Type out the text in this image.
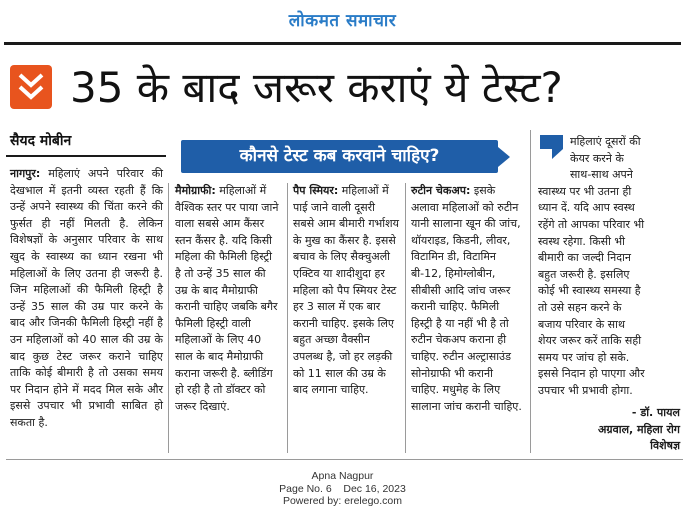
लोकमत समाचार
35 के बाद जरूर कराएं ये टेस्ट?
सैयद मोबीन
कौनसे टेस्ट कब करवाने चाहिए?
नागपुर: महिलाएं अपने परिवार की देखभाल में इतनी व्यस्त रहती हैं कि उन्हें अपने स्वास्थ्य की चिंता करने की फुर्सत ही नहीं मिलती है. लेकिन विशेषज्ञों के अनुसार परिवार के साथ खुद के स्वास्थ्य का ध्यान रखना भी महिलाओं के लिए उतना ही जरूरी है. जिन महिलाओं की फैमिली हिस्ट्री है उन्हें 35 साल की उम्र पार करने के बाद और जिनकी फैमिली हिस्ट्री नहीं है उन महिलाओं को 40 साल की उम्र के बाद कुछ टेस्ट जरूर कराने चाहिए ताकि कोई बीमारी है तो उसका समय पर निदान होने में मदद मिल सके और इससे उपचार भी प्रभावी साबित हो सकता है.
मैमोग्राफी: महिलाओं में वैश्विक स्तर पर पाया जाने वाला सबसे आम कैंसर स्तन कैंसर है. यदि किसी महिला की फैमिली हिस्ट्री है तो उन्हें 35 साल की उम्र के बाद मैमोग्राफी करानी चाहिए जबकि बगैर फैमिली हिस्ट्री वाली महिलाओं के लिए 40 साल के बाद मैमोग्राफी कराना जरूरी है. ब्लीडिंग हो रही है तो डॉक्टर को जरूर दिखाएं.
पैप स्मियर: महिलाओं में पाई जाने वाली दूसरी सबसे आम बीमारी गर्भाशय के मुख का कैंसर है. इससे बचाव के लिए सैक्चुअली एक्टिव या शादीशुदा हर महिला को पैप स्मियर टेस्ट हर 3 साल में एक बार करानी चाहिए. इसके लिए बहुत अच्छा वैक्सीन उपलब्ध है, जो हर लड़की को 11 साल की उम्र के बाद लगाना चाहिए.
रुटीन चेकअप: इसके अलावा महिलाओं को रुटीन यानी सालाना खून की जांच, थॉयराइड, किडनी, लीवर, विटामिन डी, विटामिन बी-12, हिमोग्लोबीन, सीबीसी आदि जांच जरूर करानी चाहिए. फैमिली हिस्ट्री है या नहीं भी है तो रुटीन चेकअप कराना ही चाहिए. रुटीन अल्ट्रासाउंड सोनोग्राफी भी करानी चाहिए. मधुमेह के लिए सालाना जांच करानी चाहिए.
महिलाएं दूसरों की
केयर करने के
साथ-साथ अपने
स्वास्थ्य पर भी उतना ही
ध्यान दें. यदि आप स्वस्थ
रहेंगे तो आपका परिवार भी
स्वस्थ रहेगा. किसी भी
बीमारी का जल्दी निदान
बहुत जरूरी है. इसलिए
कोई भी स्वास्थ्य समस्या है
तो उसे सहन करने के
बजाय परिवार के साथ
शेयर जरूर करें ताकि सही
समय पर जांच हो सके.
इससे निदान हो पाएगा और
उपचार भी प्रभावी होगा.
- डॉ. पायल
अग्रवाल, महिला रोग
विशेषज्ञ
Apna Nagpur
Page No. 6    Dec 16, 2023
Powered by: erelego.com
